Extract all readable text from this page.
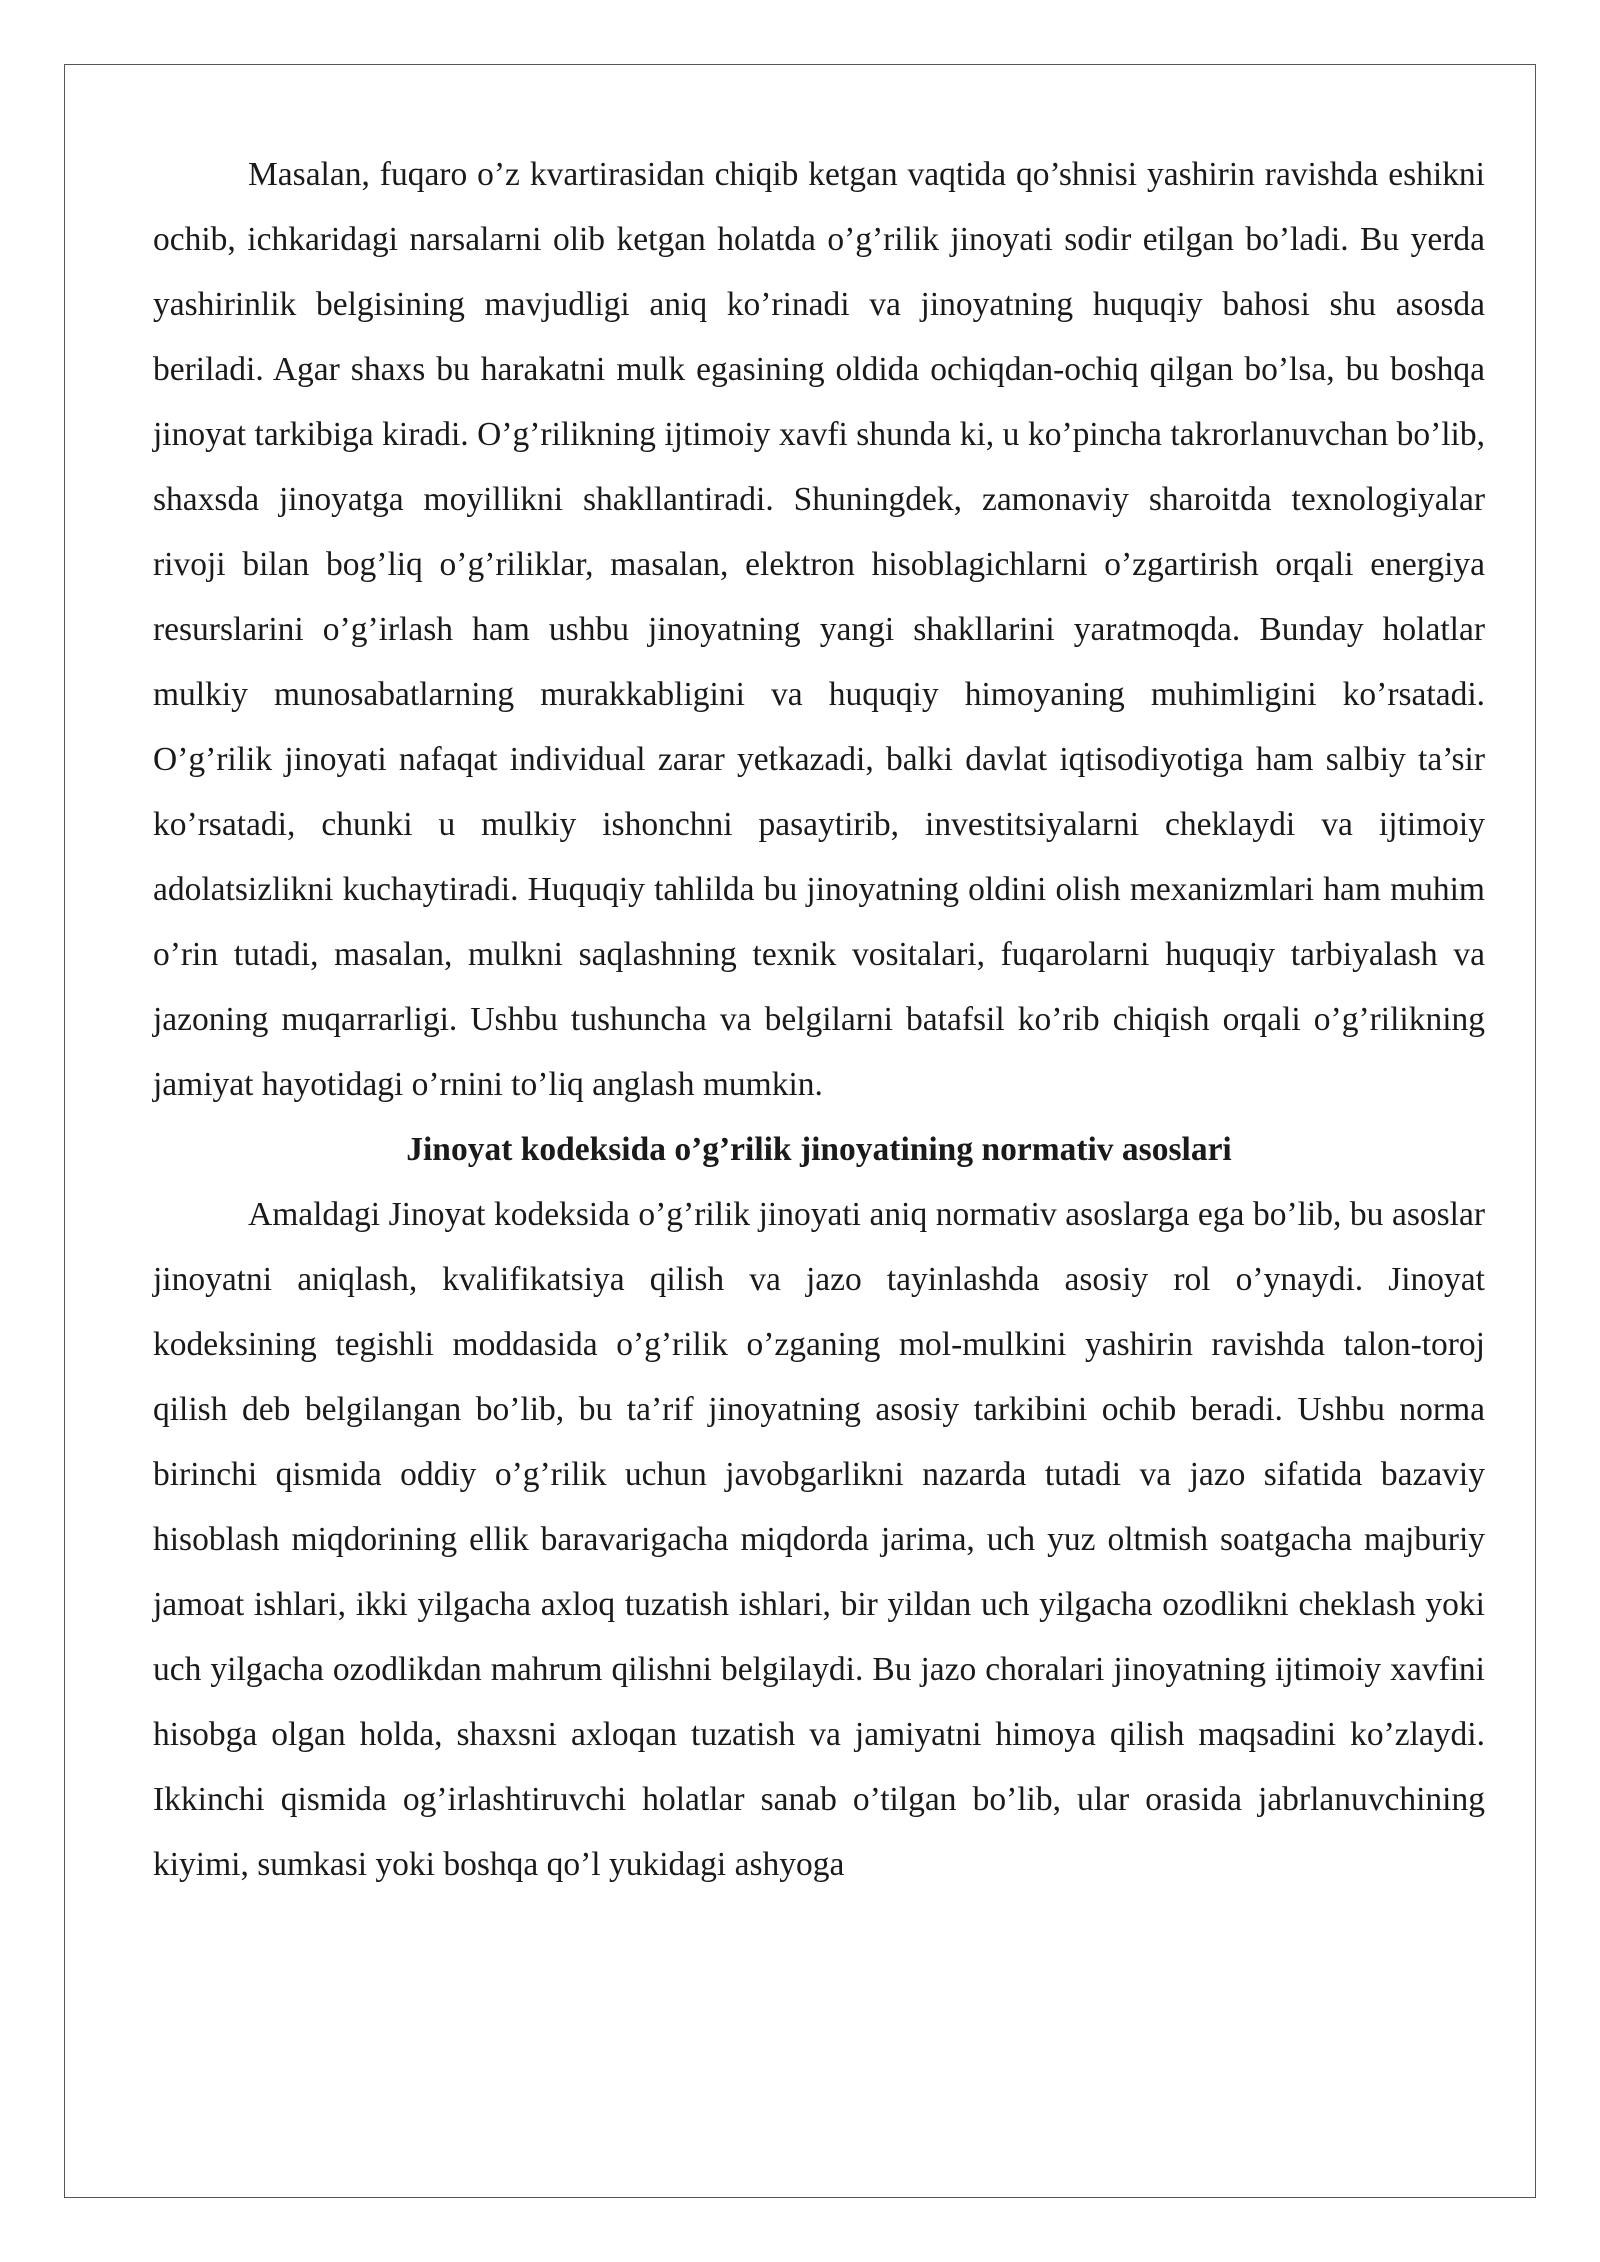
Masalan, fuqaro o’z kvartirasidan chiqib ketgan vaqtida qo’shnisi yashirin ravishda eshikni ochib, ichkaridagi narsalarni olib ketgan holatda o’g’rilik jinoyati sodir etilgan bo’ladi. Bu yerda yashirinlik belgisining mavjudligi aniq ko’rinadi va jinoyatning huquqiy bahosi shu asosda beriladi. Agar shaxs bu harakatni mulk egasining oldida ochiqdan-ochiq qilgan bo’lsa, bu boshqa jinoyat tarkibiga kiradi. O’g’rilikning ijtimoiy xavfi shunda ki, u ko’pincha takrorlanuvchan bo’lib, shaxsda jinoyatga moyillikni shakllantiradi. Shuningdek, zamonaviy sharoitda texnologiyalar rivoji bilan bog’liq o’g’riliklar, masalan, elektron hisoblagichlarni o’zgartirish orqali energiya resurslarini o’g’irlash ham ushbu jinoyatning yangi shakllarini yaratmoqda. Bunday holatlar mulkiy munosabatlarning murakkabligini va huquqiy himoyaning muhimligini ko’rsatadi. O’g’rilik jinoyati nafaqat individual zarar yetkazadi, balki davlat iqtisodiyotiga ham salbiy ta’sir ko’rsatadi, chunki u mulkiy ishonchni pasaytirib, investitsiyalarni cheklaydi va ijtimoiy adolatsizlikni kuchaytiradi. Huquqiy tahlilda bu jinoyatning oldini olish mexanizmlari ham muhim o’rin tutadi, masalan, mulkni saqlashning texnik vositalari, fuqarolarni huquqiy tarbiyalash va jazoning muqarrarligi. Ushbu tushuncha va belgilarni batafsil ko’rib chiqish orqali o’g’rilikning jamiyat hayotidagi o’rnini to’liq anglash mumkin.

Jinoyat kodeksida o’g’rilik jinoyatining normativ asoslari

Amaldagi Jinoyat kodeksida o’g’rilik jinoyati aniq normativ asoslarga ega bo’lib, bu asoslar jinoyatni aniqlash, kvalifikatsiya qilish va jazo tayinlashda asosiy rol o’ynaydi. Jinoyat kodeksining tegishli moddasida o’g’rilik o’zganing mol-mulkini yashirin ravishda talon-toroj qilish deb belgilangan bo’lib, bu ta’rif jinoyatning asosiy tarkibini ochib beradi. Ushbu norma birinchi qismida oddiy o’g’rilik uchun javobgarlikni nazarda tutadi va jazo sifatida bazaviy hisoblash miqdorining ellik baravarigacha miqdorda jarima, uch yuz oltmish soatgacha majburiy jamoat ishlari, ikki yilgacha axloq tuzatish ishlari, bir yildan uch yilgacha ozodlikni cheklash yoki uch yilgacha ozodlikdan mahrum qilishni belgilaydi. Bu jazo choralari jinoyatning ijtimoiy xavfini hisobga olgan holda, shaxsni axloqan tuzatish va jamiyatni himoya qilish maqsadini ko’zlaydi. Ikkinchi qismida og’irlashtiruvchi holatlar sanab o’tilgan bo’lib, ular orasida jabrlanuvchining kiyimi, sumkasi yoki boshqa qo’l yukidagi ashyoga
